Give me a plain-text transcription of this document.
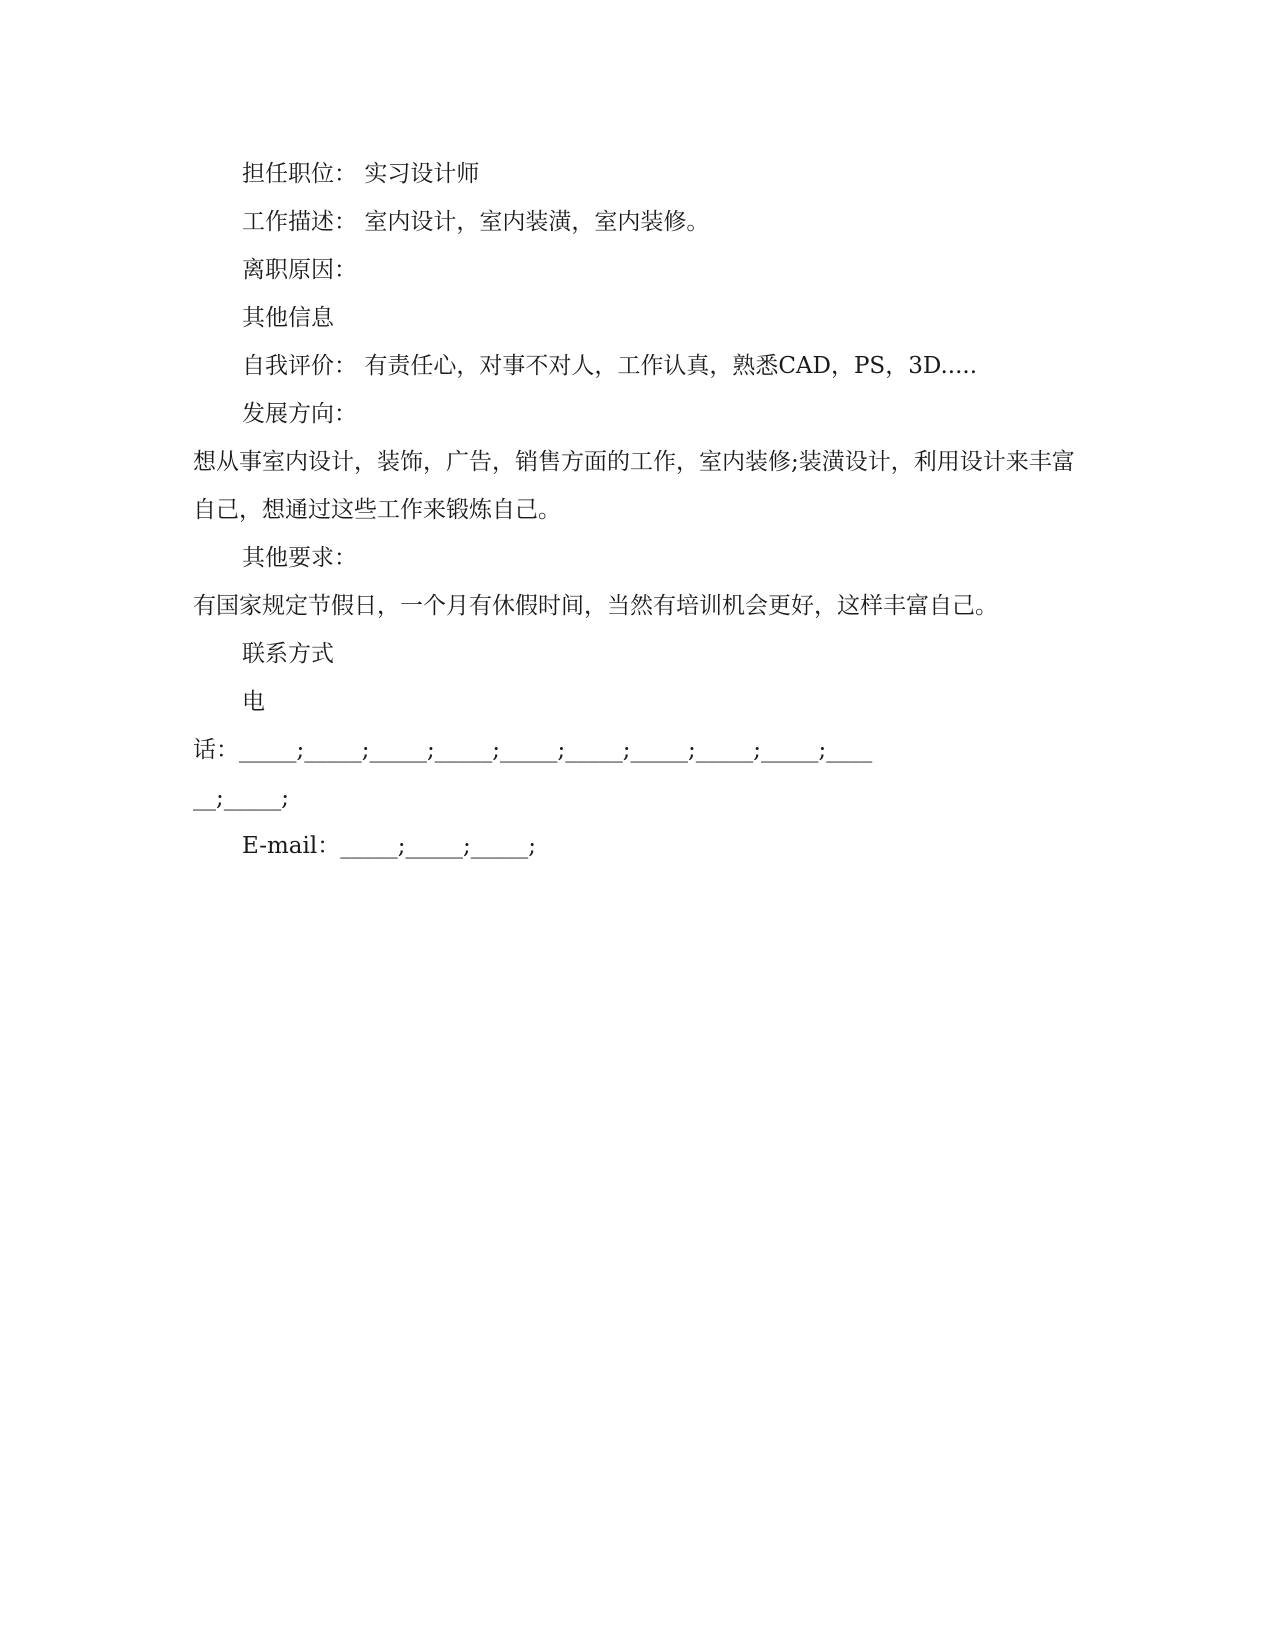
担任职位： 实习设计师
工作描述： 室内设计，室内装潢，室内装修。
离职原因：
其他信息
自我评价： 有责任心，对事不对人，工作认真，熟悉CAD，PS，3D.....
发展方向：
想从事室内设计，装饰，广告，销售方面的工作，室内装修;装潢设计，利用设计来丰富自己，想通过这些工作来锻炼自己。
其他要求：
有国家规定节假日，一个月有休假时间，当然有培训机会更好，这样丰富自己。
联系方式
电
话：_____;_____;_____;_____;_____;_____;_____;_____;_____;____
__;_____;
E-mail：_____;_____;_____;
